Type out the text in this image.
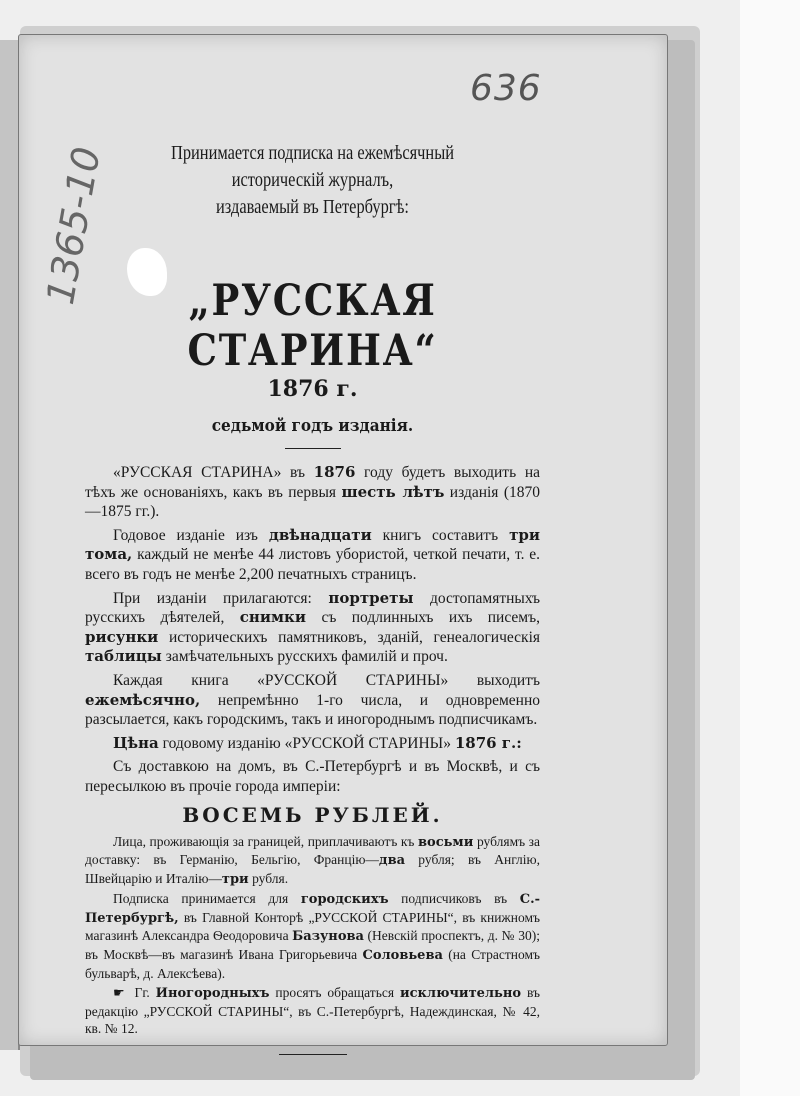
636
1365-10	Принимается подписка на ежемѣсячный историческій журналъ,
издаваемый въ Петербургѣ:

„РУССКАЯ СТАРИНА“
1876 г.
седьмой годъ изданія.

«РУССКАЯ СТАРИНА» въ 1876 году будетъ выходить на тѣхъ же основаніяхъ, какъ въ первыя шесть лѣтъ изданія (1870—1875 гг.).

Годовое изданіе изъ двѣнадцати книгъ составитъ три тома, каждый не менѣе 44 листовъ убористой, четкой печати, т. е. всего въ годъ не менѣе 2,200 печатныхъ страницъ.

При изданіи прилагаются: портреты достопамятныхъ русскихъ дѣятелей, снимки съ подлинныхъ ихъ писемъ, рисунки историческихъ памятниковъ, зданій, генеалогическія таблицы замѣчательныхъ русскихъ фамилій и проч.

Каждая книга «РУССКОЙ СТАРИНЫ» выходитъ ежемѣсячно, непремѣнно 1-го числа, и одновременно разсылается, какъ городскимъ, такъ и иногороднымъ подписчикамъ.

Цѣна годовому изданію «РУССКОЙ СТАРИНЫ» 1876 г.:

Съ доставкою на домъ, въ С.-Петербургѣ и въ Москвѣ, и съ пересылкою въ прочіе города имперіи:

ВОСЕМЬ РУБЛЕЙ.

Лица, проживающія за границей, приплачиваютъ къ восьми рублямъ за доставку: въ Германію, Бельгію, Францію—два рубля; въ Англію, Швейцарію и Италію—три рубля.

Подписка принимается для городскихъ подписчиковъ въ С.-Петербургѣ, въ Главной Конторѣ „РУССКОЙ СТАРИНЫ“, въ книжномъ магазинѣ Александра Ѳеодоровича Базунова (Невскій проспектъ, д. № 30); въ Москвѣ—въ магазинѣ Ивана Григорьевича Соловьева (на Страстномъ бульварѣ, д. Алексѣева).

☛ Гг. Иногородныхъ просятъ обращаться исключительно въ редакцію „РУССКОЙ СТАРИНЫ“, въ С.-Петербургѣ, Надеждинская, № 42, кв. № 12.
